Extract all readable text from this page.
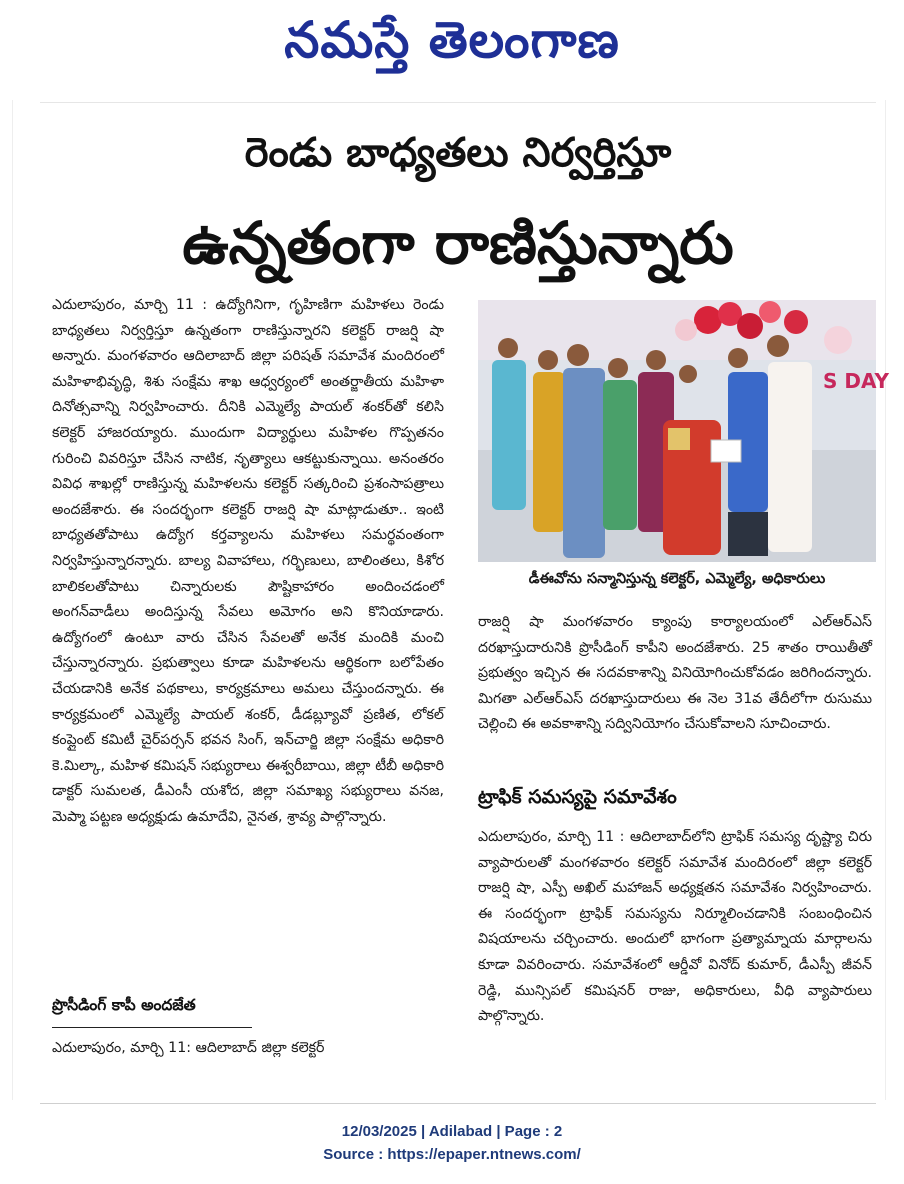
నమస్తే తెలంగాణ
రెండు బాధ్యతలు నిర్వర్తిస్తూ
ఉన్నతంగా రాణిస్తున్నారు
ఎదులాపురం, మార్చి 11 : ఉద్యోగినిగా, గృహిణిగా మహిళలు రెండు బాధ్యతలు నిర్వర్తిస్తూ ఉన్నతంగా రాణిస్తున్నారని కలెక్టర్ రాజర్షి షా అన్నారు. మంగళవారం ఆదిలాబాద్ జిల్లా పరిషత్ సమావేశ మందిరంలో మహిళాభివృద్ధి, శిశు సంక్షేమ శాఖ ఆధ్వర్యంలో అంతర్జాతీయ మహిళా దినోత్సవాన్ని నిర్వహించారు. దీనికి ఎమ్మెల్యే పాయల్ శంకర్‌తో కలిసి కలెక్టర్ హాజరయ్యారు. ముందుగా విద్యార్థులు మహిళల గొప్పతనం గురించి వివరిస్తూ చేసిన నాటిక, నృత్యాలు ఆకట్టుకున్నాయి. అనంతరం వివిధ శాఖల్లో రాణిస్తున్న మహిళలను కలెక్టర్ సత్కరించి ప్రశంసాపత్రాలు అందజేశారు. ఈ సందర్భంగా కలెక్టర్ రాజర్షి షా మాట్లాడుతూ.. ఇంటి బాధ్యతతోపాటు ఉద్యోగ కర్తవ్యాలను మహిళలు సమర్థవంతంగా నిర్వహిస్తున్నారన్నారు. బాల్య వివాహాలు, గర్భిణులు, బాలింతలు, కిశోర బాలికలతోపాటు చిన్నారులకు పౌష్టికాహారం అందించడంలో అంగన్‌వాడీలు అందిస్తున్న సేవలు అమోగం అని కొనియాడారు. ఉద్యోగంలో ఉంటూ వారు చేసిన సేవలతో అనేక మందికి మంచి చేస్తున్నారన్నారు. ప్రభుత్వాలు కూడా మహిళలను ఆర్థికంగా బలోపేతం చేయడానికి అనేక పథకాలు, కార్యక్రమాలు అమలు చేస్తుందన్నారు. ఈ కార్యక్రమంలో ఎమ్మెల్యే పాయల్ శంకర్, డీడబ్ల్యూవో ప్రణిత, లోకల్ కంప్లైంట్ కమిటీ చైర్‌పర్సన్ భవన సింగ్, ఇన్‌చార్జి జిల్లా సంక్షేమ అధికారి కె.మిల్కా, మహిళ కమిషన్ సభ్యురాలు ఈశ్వరీబాయి, జిల్లా టీబీ అధికారి డాక్టర్ సుమలత, డీఎంసీ యశోద, జిల్లా సమాఖ్య సభ్యురాలు వనజ, మెప్మా పట్టణ అధ్యక్షుడు ఉమాదేవి, నైనత, శ్రావ్య పాల్గొన్నారు.
S DAY
డీఈవోను సన్మానిస్తున్న కలెక్టర్, ఎమ్మెల్యే, అధికారులు
రాజర్షి షా మంగళవారం క్యాంపు కార్యాలయంలో ఎల్‌ఆర్‌ఎస్ దరఖాస్తుదారునికి ప్రొసీడింగ్ కాపీని అందజేశారు. 25 శాతం రాయితీతో ప్రభుత్వం ఇచ్చిన ఈ సదవకాశాన్ని వినియోగించుకోవడం జరిగిందన్నారు. మిగతా ఎల్‌ఆర్‌ఎస్ దరఖాస్తుదారులు ఈ నెల 31వ తేదీలోగా రుసుము చెల్లించి ఈ అవకాశాన్ని సద్వినియోగం చేసుకోవాలని సూచించారు.
ట్రాఫిక్ సమస్యపై సమావేశం
ఎదులాపురం, మార్చి 11 : ఆదిలాబాద్‌లోని ట్రాఫిక్ సమస్య దృష్ట్యా చిరు వ్యాపారులతో మంగళవారం కలెక్టర్ సమావేశ మందిరంలో జిల్లా కలెక్టర్ రాజర్షి షా, ఎస్పీ అఖిల్ మహాజన్ అధ్యక్షతన సమావేశం నిర్వహించారు. ఈ సందర్భంగా ట్రాఫిక్ సమస్యను నిర్మూలించడానికి సంబంధించిన విషయాలను చర్చించారు. అందులో భాగంగా ప్రత్యామ్నాయ మార్గాలను కూడా వివరించారు. సమావేశంలో ఆర్డీవో వినోద్ కుమార్, డీఎస్పీ జీవన్ రెడ్డి, మున్సిపల్ కమిషనర్ రాజు, అధికారులు, వీధి వ్యాపారులు పాల్గొన్నారు.
ప్రొసీడింగ్ కాపీ అందజేత
ఎదులాపురం, మార్చి 11: ఆదిలాబాద్ జిల్లా కలెక్టర్
12/03/2025 | Adilabad | Page : 2
Source : https://epaper.ntnews.com/
